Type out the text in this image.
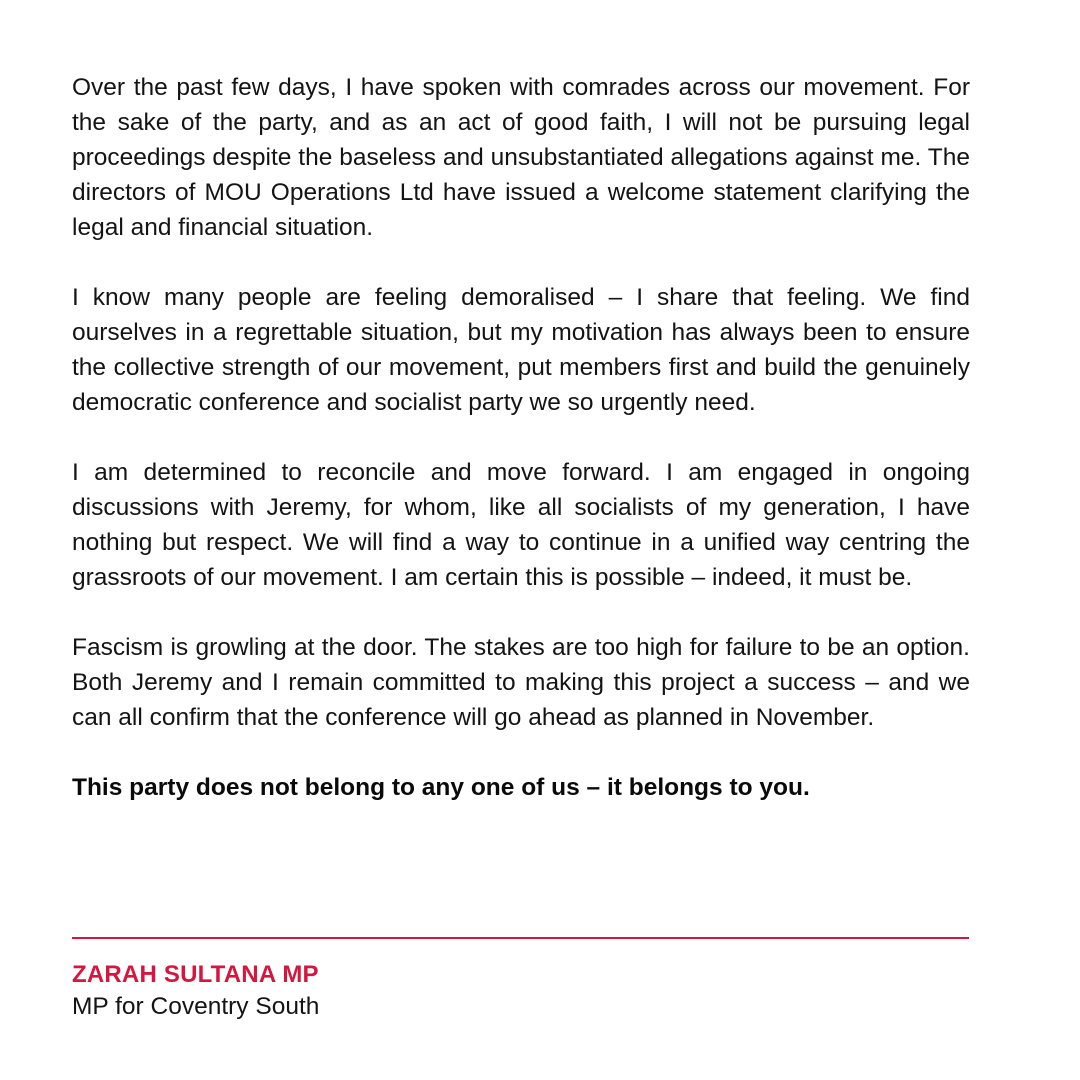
Over the past few days, I have spoken with comrades across our movement. For the sake of the party, and as an act of good faith, I will not be pursuing legal proceedings despite the baseless and unsubstantiated allegations against me. The directors of MOU Operations Ltd have issued a welcome statement clarifying the legal and financial situation.

I know many people are feeling demoralised – I share that feeling. We find ourselves in a regrettable situation, but my motivation has always been to ensure the collective strength of our movement, put members first and build the genuinely democratic conference and socialist party we so urgently need.

I am determined to reconcile and move forward. I am engaged in ongoing discussions with Jeremy, for whom, like all socialists of my generation, I have nothing but respect. We will find a way to continue in a unified way centring the grassroots of our movement. I am certain this is possible – indeed, it must be.

Fascism is growling at the door. The stakes are too high for failure to be an option. Both Jeremy and I remain committed to making this project a success – and we can all confirm that the conference will go ahead as planned in November.

This party does not belong to any one of us – it belongs to you.

ZARAH SULTANA MP
MP for Coventry South
